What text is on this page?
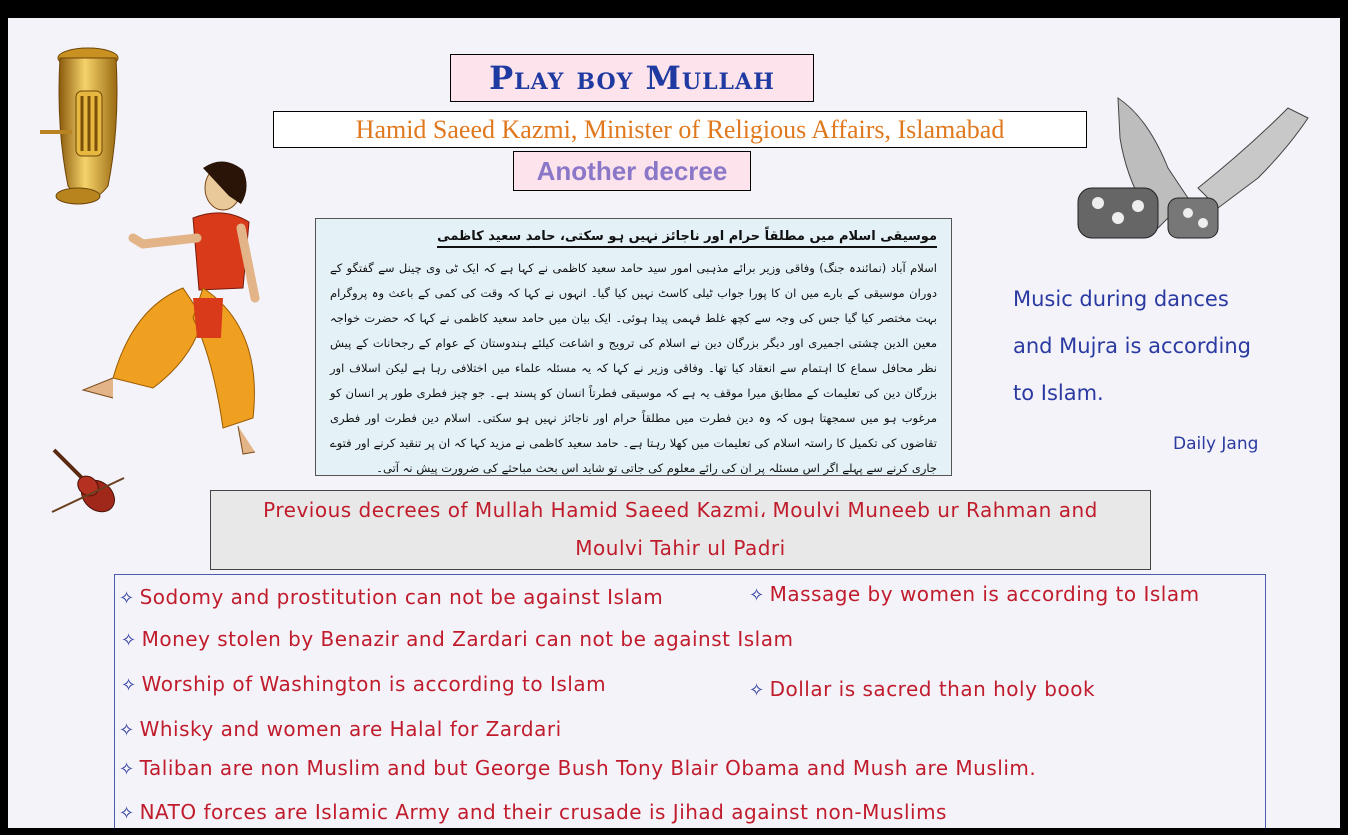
Play boy Mullah
Hamid Saeed Kazmi, Minister of Religious Affairs, Islamabad
Another decree
موسیقی اسلام میں مطلقاً حرام اور ناجائز نہیں ہو سکتی، حامد سعید کاظمی
اسلام آباد (نمائندہ جنگ) وفاقی وزیر برائے مذہبی امور سید حامد سعید کاظمی نے کہا ہے کہ ایک ٹی وی چینل سے گفتگو کے دوران موسیقی کے بارے میں ان کا پورا جواب ٹیلی کاسٹ نہیں کیا گیا۔ انہوں نے کہا کہ وقت کی کمی کے باعث وہ پروگرام بہت مختصر کیا گیا جس کی وجہ سے کچھ غلط فہمی پیدا ہوئی۔ ایک بیان میں حامد سعید کاظمی نے کہا کہ حضرت خواجہ معین الدین چشتی اجمیری اور دیگر بزرگان دین نے اسلام کی ترویج و اشاعت کیلئے ہندوستان کے عوام کے رجحانات کے پیش نظر محافل سماع کا اہتمام سے انعقاد کیا تھا۔ وفاقی وزیر نے کہا کہ یہ مسئلہ علماء میں اختلافی رہا ہے لیکن اسلاف اور بزرگان دین کی تعلیمات کے مطابق میرا موقف یہ ہے کہ موسیقی فطرتاً انسان کو پسند ہے۔ جو چیز فطری طور پر انسان کو مرغوب ہو میں سمجھتا ہوں کہ وہ دین فطرت میں مطلقاً حرام اور ناجائز نہیں ہو سکتی۔ اسلام دین فطرت اور فطری تقاضوں کی تکمیل کا راستہ اسلام کی تعلیمات میں کھلا رہتا ہے۔ حامد سعید کاظمی نے مزید کہا کہ ان پر تنقید کرنے اور فتوے جاری کرنے سے پہلے اگر اس مسئلہ پر ان کی رائے معلوم کی جاتی تو شاید اس بحث مباحثے کی ضرورت پیش نہ آتی۔
Music during dances
and Mujra is according
to Islam.
Daily Jang
Previous decrees of Mullah Hamid Saeed Kazmi، Moulvi Muneeb ur Rahman and
Moulvi Tahir ul Padri
✧ Sodomy and prostitution can not be against Islam	✧ Massage by women is according to Islam
✧ Money stolen by Benazir and Zardari can not be against Islam
✧ Worship of Washington is according to Islam	✧ Dollar is sacred than holy book
✧ Whisky and women are Halal for Zardari
✧ Taliban are non Muslim and but George Bush Tony Blair Obama and Mush are Muslim.
✧ NATO forces are Islamic Army and their crusade is Jihad against non-Muslims
